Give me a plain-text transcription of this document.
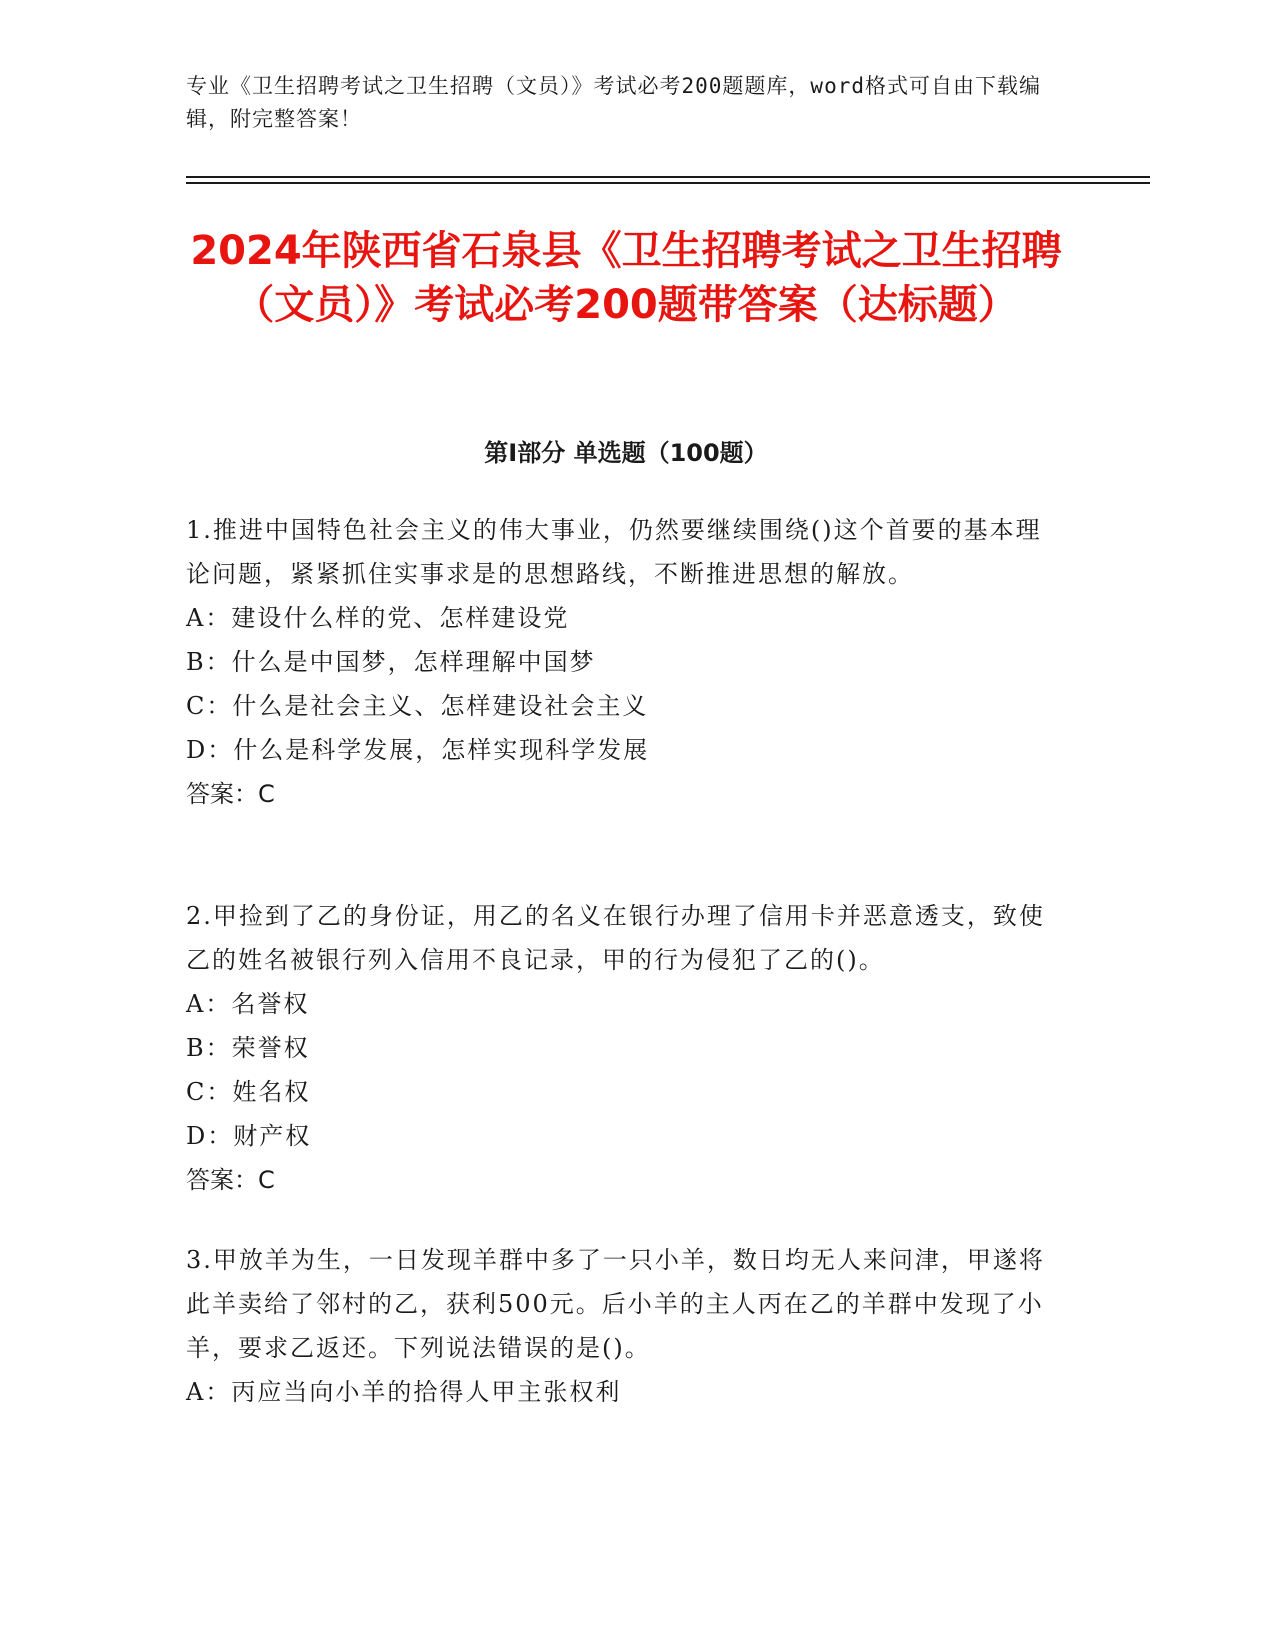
专业《卫生招聘考试之卫生招聘（文员）》考试必考200题题库，word格式可自由下载编辑，附完整答案！
2024年陕西省石泉县《卫生招聘考试之卫生招聘（文员）》考试必考200题带答案（达标题）
第Ⅰ部分 单选题（100题）

1.推进中国特色社会主义的伟大事业，仍然要继续围绕()这个首要的基本理论问题，紧紧抓住实事求是的思想路线，不断推进思想的解放。

A：建设什么样的党、怎样建设党
B：什么是中国梦，怎样理解中国梦
C：什么是社会主义、怎样建设社会主义
D：什么是科学发展，怎样实现科学发展

答案：C

2.甲捡到了乙的身份证，用乙的名义在银行办理了信用卡并恶意透支，致使乙的姓名被银行列入信用不良记录，甲的行为侵犯了乙的()。

A：名誉权
B：荣誉权
C：姓名权
D：财产权

答案：C

3.甲放羊为生，一日发现羊群中多了一只小羊，数日均无人来问津，甲遂将此羊卖给了邻村的乙，获利500元。后小羊的主人丙在乙的羊群中发现了小羊，要求乙返还。下列说法错误的是()。

A：丙应当向小羊的拾得人甲主张权利
